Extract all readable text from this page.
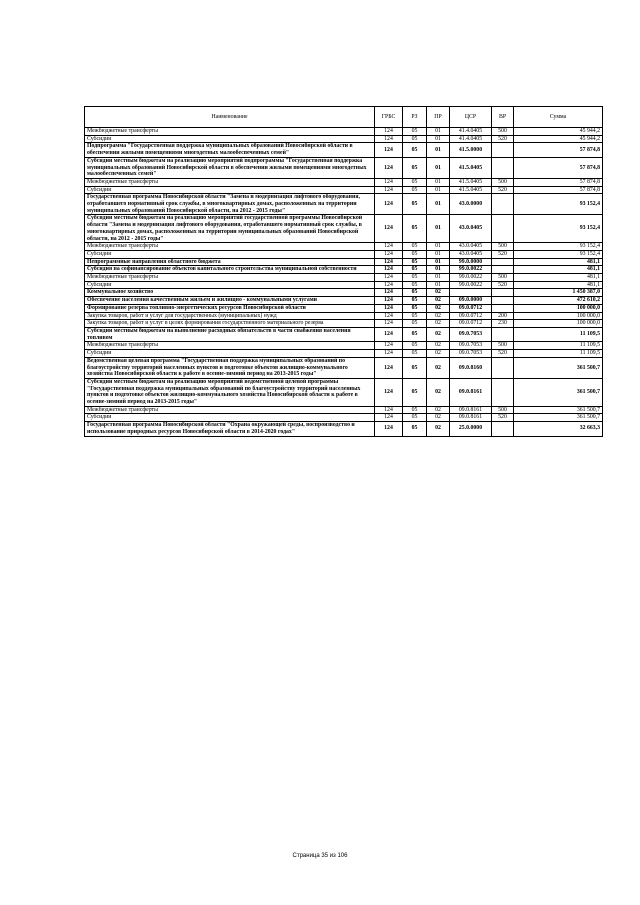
Наименование	ГРБС	РЗ	ПР	ЦСР	ВР	Сумма
Межбюджетные трансферты	124	05	01	41.4.0405	500	45 944,2
Субсидии	124	05	01	41.4.0405	520	45 944,2
Подпрограмма "Государственная поддержка муниципальных образований Новосибирской области в обеспечении жилыми помещениями многодетных малообеспеченных семей"	124	05	01	41.5.0000		57 874,8
Субсидии местным бюджетам на реализацию мероприятий подпрограммы "Государственная поддержка муниципальных образований Новосибирской области в обеспечении жилыми помещениями многодетных малообеспеченных семей"	124	05	01	41.5.0405		57 874,8
Межбюджетные трансферты	124	05	01	41.5.0405	500	57 874,8
Субсидии	124	05	01	41.5.0405	520	57 874,8
Государственная программа Новосибирской области "Замена и модернизация лифтового оборудования, отработавшего нормативный срок службы, в многоквартирных домах, расположенных на территории муниципальных образований Новосибирской области, на 2012 - 2015 годы"	124	05	01	43.0.0000		93 152,4
Субсидии местным бюджетам на реализацию мероприятий государственной программы Новосибирской области "Замена и модернизация лифтового оборудования, отработавшего нормативный срок службы, в многоквартирных домах, расположенных на территории муниципальных образований Новосибирской области, на 2012 - 2015 годы"	124	05	01	43.0.0405		93 152,4
Межбюджетные трансферты	124	05	01	43.0.0405	500	93 152,4
Субсидии	124	05	01	43.0.0405	520	93 152,4
Непрограммные направления областного бюджета	124	05	01	99.0.0000		481,1
Субсидия на софинансирование объектов капитального строительства муниципальной собственности	124	05	01	99.0.0022		481,1
Межбюджетные трансферты	124	05	01	99.0.0022	500	481,1
Субсидии	124	05	01	99.0.0022	520	481,1
Коммунальное хозяйство	124	05	02			1 450 387,0
Обеспечение населения качественным жильем и жилищно - коммунальными услугами	124	05	02	09.0.0000		472 610,2
Формирование резерва топливно-энергетических ресурсов Новосибирской области	124	05	02	09.0.0712		100 000,0
Закупка товаров, работ и услуг для государственных (муниципальных) нужд	124	05	02	09.0.0712	200	100 000,0
Закупка товаров, работ и услуг в целях формирования государственного материального резерва	124	05	02	09.0.0712	230	100 000,0
Субсидии местным бюджетам на выполнение расходных обязательств в части снабжения населения топливом	124	05	02	09.0.7053		11 109,5
Межбюджетные трансферты	124	05	02	09.0.7053	500	11 109,5
Субсидии	124	05	02	09.0.7053	520	11 109,5
Ведомственная целевая программа "Государственная поддержка муниципальных образований по благоустройству территорий населенных пунктов и подготовке объектов жилищно-коммунального хозяйства Новосибирской области к работе в осенне-зимний период на 2013-2015 годы"	124	05	02	09.0.8160		361 500,7
Субсидии местным бюджетам на реализацию мероприятий ведомственной целевой программы "Государственная поддержка муниципальных образований по благоустройству территорий населенных пунктов и подготовке объектов жилищно-коммунального хозяйства Новосибирской области к работе в осенне-зимний период на 2013-2015 годы"	124	05	02	09.0.8161		361 500,7
Межбюджетные трансферты	124	05	02	09.0.8161	500	361 500,7
Субсидии	124	05	02	09.0.8161	520	361 500,7
Государственная программа Новосибирской области "Охрана окружающей среды, воспроизводство и использование природных ресурсов Новосибирской области в 2014-2020 годах"	124	05	02	25.0.0000		32 663,3
Страница 35 из 106
